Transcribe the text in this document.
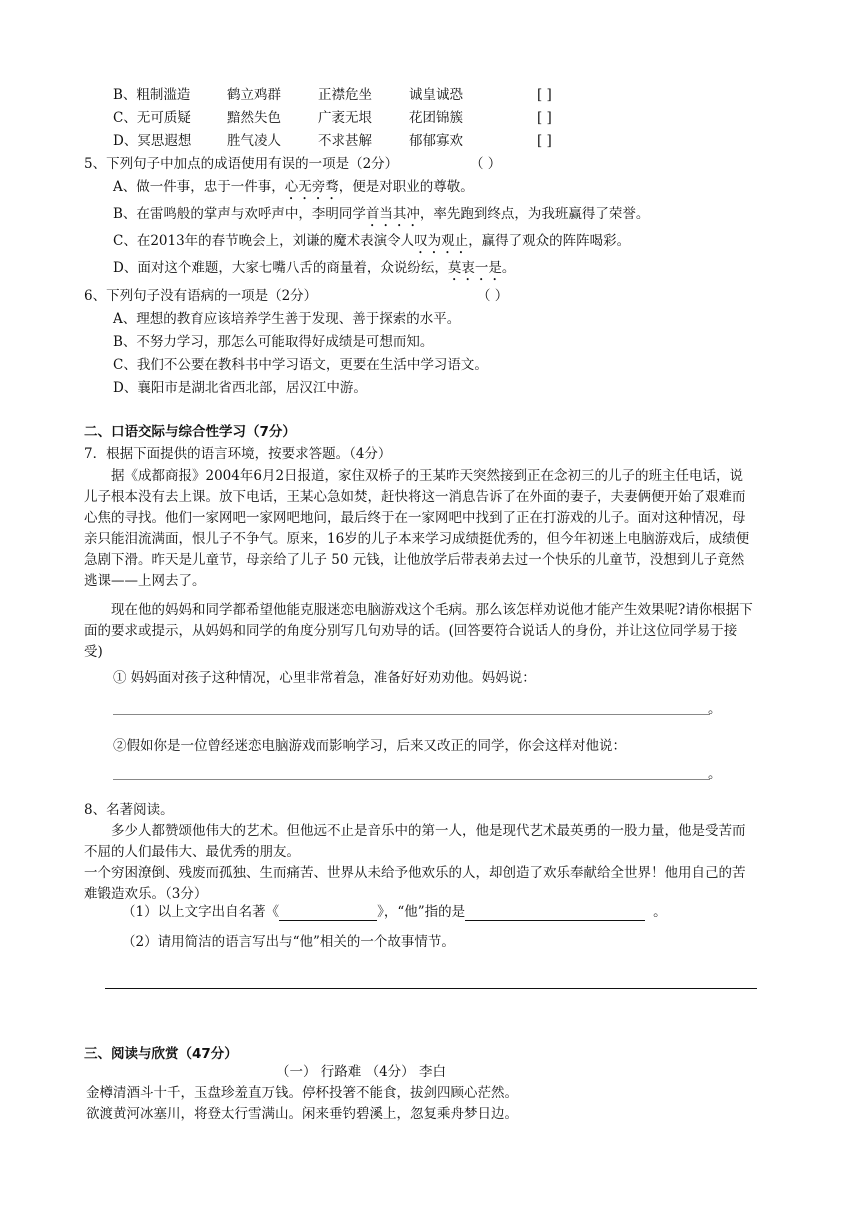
B、粗制滥造	鹤立鸡群	正襟危坐	诚皇诚恐	[ ]
C、无可质疑	黯然失色	广袤无垠	花团锦簇	[ ]
D、冥思遐想	胜气凌人	不求甚解	郁郁寡欢	[ ]
5、下列句子中加点的成语使用有误的一项是（2分）	（ ）
A、做一件事，忠于一件事，心无旁骛，便是对职业的尊敬。
B、在雷鸣般的掌声与欢呼声中，李明同学首当其冲，率先跑到终点，为我班赢得了荣誉。
C、在2013年的春节晚会上，刘谦的魔术表演令人叹为观止，赢得了观众的阵阵喝彩。
D、面对这个难题，大家七嘴八舌的商量着，众说纷纭，莫衷一是。
6、下列句子没有语病的一项是（2分）	（ ）
A、理想的教育应该培养学生善于发现、善于探索的水平。
B、不努力学习，那怎么可能取得好成绩是可想而知。
C、我们不公要在教科书中学习语文，更要在生活中学习语文。
D、襄阳市是湖北省西北部，居汉江中游。
二、口语交际与综合性学习（7分）
7．根据下面提供的语言环境，按要求答题。（4分）
据《成都商报》2004年6月2日报道，家住双桥子的王某昨天突然接到正在念初三的儿子的班主任电话，说儿子根本没有去上课。放下电话，王某心急如焚，赶快将这一消息告诉了在外面的妻子，夫妻俩便开始了艰难而心焦的寻找。他们一家网吧一家网吧地问，最后终于在一家网吧中找到了正在打游戏的儿子。面对这种情况，母亲只能泪流满面，恨儿子不争气。原来，16岁的儿子本来学习成绩挺优秀的，但今年初迷上电脑游戏后，成绩便急剧下滑。昨天是儿童节，母亲给了儿子 50 元钱，让他放学后带表弟去过一个快乐的儿童节，没想到儿子竟然逃课——上网去了。
现在他的妈妈和同学都希望他能克服迷恋电脑游戏这个毛病。那么该怎样劝说他才能产生效果呢?请你根据下面的要求或提示，从妈妈和同学的角度分别写几句劝导的话。(回答要符合说话人的身份，并让这位同学易于接受)
① 妈妈面对孩子这种情况，心里非常着急，准备好好劝劝他。妈妈说：
。
②假如你是一位曾经迷恋电脑游戏而影响学习，后来又改正的同学，你会这样对他说：
。
8、名著阅读。
多少人都赞颂他伟大的艺术。但他远不止是音乐中的第一人，他是现代艺术最英勇的一股力量，他是受苦而不屈的人们最伟大、最优秀的朋友。
一个穷困潦倒、残废而孤独、生而痛苦、世界从未给予他欢乐的人，却创造了欢乐奉献给全世界！他用自己的苦难锻造欢乐。（3分）
（1）以上文字出自名著《	》，“他”指的是	。
（2）请用简洁的语言写出与“他”相关的一个故事情节。
三、阅读与欣赏（47分）
（一） 行路难 （4分） 李白
金樽清酒斗十千，玉盘珍羞直万钱。停杯投箸不能食，拔剑四顾心茫然。
欲渡黄河冰塞川，将登太行雪满山。闲来垂钓碧溪上，忽复乘舟梦日边。
